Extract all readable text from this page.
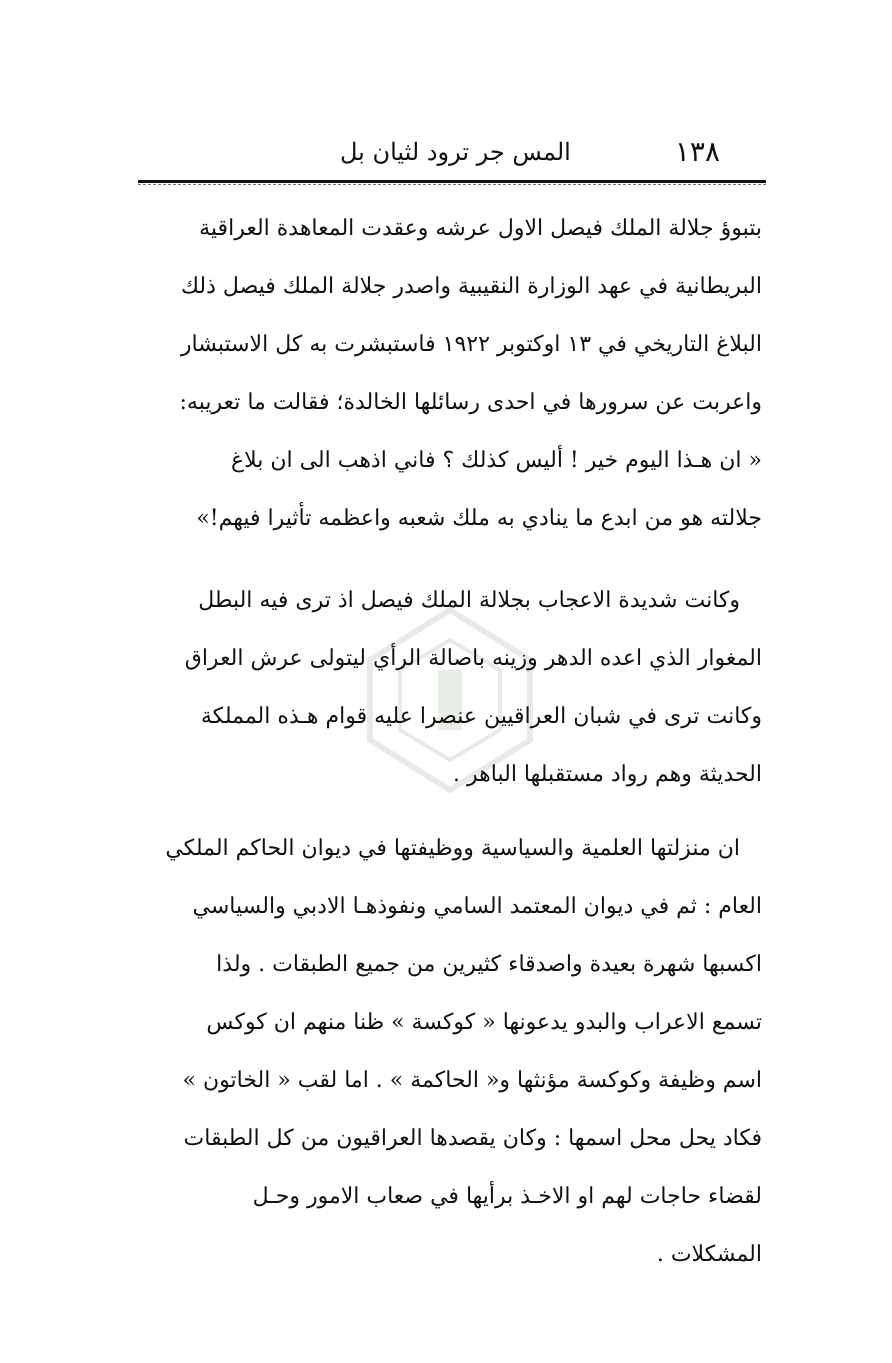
١٣٨
المس جر ترود لثيان بل
بتبوؤ جلالة الملك فيصل الاول عرشه وعقدت المعاهدة العراقية
البريطانية في عهد الوزارة النقيبية واصدر جلالة الملك فيصل ذلك
البلاغ التاريخي في ١٣ اوكتوبر ١٩٢٢ فاستبشرت به كل الاستبشار
واعربت عن سرورها في احدى رسائلها الخالدة؛ فقالت ما تعريبه:
« ان هـذا اليوم خير ! أليس كذلك ؟ فاني اذهب الى ان بلاغ
جلالته هو من ابدع ما ينادي به ملك شعبه واعظمه تأثيرا فيهم!»
وكانت شديدة الاعجاب بجلالة الملك فيصل اذ ترى فيه البطل
المغوار الذي اعده الدهر وزينه باصالة الرأي ليتولى عرش العراق
وكانت ترى في شبان العراقيين عنصرا عليه قوام هـذه المملكة
الحديثة وهم رواد مستقبلها الباهر .
ان منزلتها العلمية والسياسية ووظيفتها في ديوان الحاكم الملكي
العام : ثم في ديوان المعتمد السامي ونفوذهـا الادبي والسياسي
اكسبها شهرة بعيدة واصدقاء كثيرين من جميع الطبقات . ولذا
تسمع الاعراب والبدو يدعونها « كوكسة » ظنا منهم ان كوكس
اسم وظيفة وكوكسة مؤنثها و« الحاكمة » . اما لقب « الخاتون »
فكاد يحل محل اسمها : وكان يقصدها العراقيون من كل الطبقات
لقضاء حاجات لهم او الاخـذ برأيها في صعاب الامور وحـل
المشكلات .
